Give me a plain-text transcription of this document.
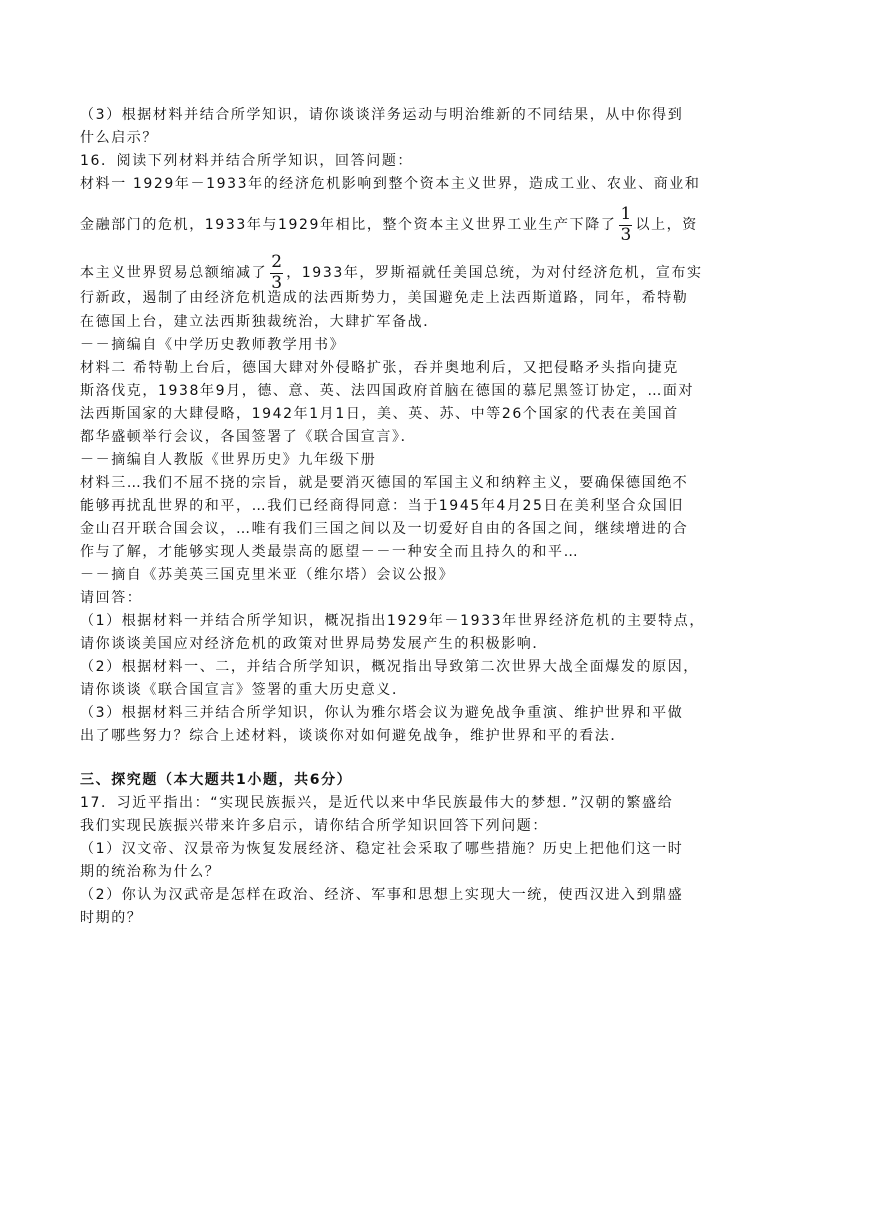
（3）根据材料并结合所学知识，请你谈谈洋务运动与明治维新的不同结果，从中你得到
什么启示？
16．阅读下列材料并结合所学知识，回答问题：
材料一 1929年－1933年的经济危机影响到整个资本主义世界，造成工业、农业、商业和
金融部门的危机，1933年与1929年相比，整个资本主义世界工业生产下降了 $\frac{1}{3}$ 以上，资
本主义世界贸易总额缩减了 $\frac{2}{3}$ ，1933年，罗斯福就任美国总统，为对付经济危机，宣布实
行新政，遏制了由经济危机造成的法西斯势力，美国避免走上法西斯道路，同年，希特勒
在德国上台，建立法西斯独裁统治，大肆扩军备战．
－－摘编自《中学历史教师教学用书》
材料二 希特勒上台后，德国大肆对外侵略扩张，吞并奥地利后，又把侵略矛头指向捷克
斯洛伐克，1938年9月，德、意、英、法四国政府首脑在德国的慕尼黑签订协定，…面对
法西斯国家的大肆侵略，1942年1月1日，美、英、苏、中等26个国家的代表在美国首
都华盛顿举行会议，各国签署了《联合国宣言》．
－－摘编自人教版《世界历史》九年级下册
材料三…我们不屈不挠的宗旨，就是要消灭德国的军国主义和纳粹主义，要确保德国绝不
能够再扰乱世界的和平，…我们已经商得同意：当于1945年4月25日在美利坚合众国旧
金山召开联合国会议，…唯有我们三国之间以及一切爱好自由的各国之间，继续增进的合
作与了解，才能够实现人类最崇高的愿望－－一种安全而且持久的和平…
－－摘自《苏美英三国克里米亚（维尔塔）会议公报》
请回答：
（1）根据材料一并结合所学知识，概况指出1929年－1933年世界经济危机的主要特点，
请你谈谈美国应对经济危机的政策对世界局势发展产生的积极影响．
（2）根据材料一、二，并结合所学知识，概况指出导致第二次世界大战全面爆发的原因，
请你谈谈《联合国宣言》签署的重大历史意义．
（3）根据材料三并结合所学知识，你认为雅尔塔会议为避免战争重演、维护世界和平做
出了哪些努力？综合上述材料，谈谈你对如何避免战争，维护世界和平的看法．
三、探究题（本大题共1小题，共6分）
17．习近平指出：“实现民族振兴，是近代以来中华民族最伟大的梦想．”汉朝的繁盛给
我们实现民族振兴带来许多启示，请你结合所学知识回答下列问题：
（1）汉文帝、汉景帝为恢复发展经济、稳定社会采取了哪些措施？历史上把他们这一时
期的统治称为什么？
（2）你认为汉武帝是怎样在政治、经济、军事和思想上实现大一统，使西汉进入到鼎盛
时期的？
